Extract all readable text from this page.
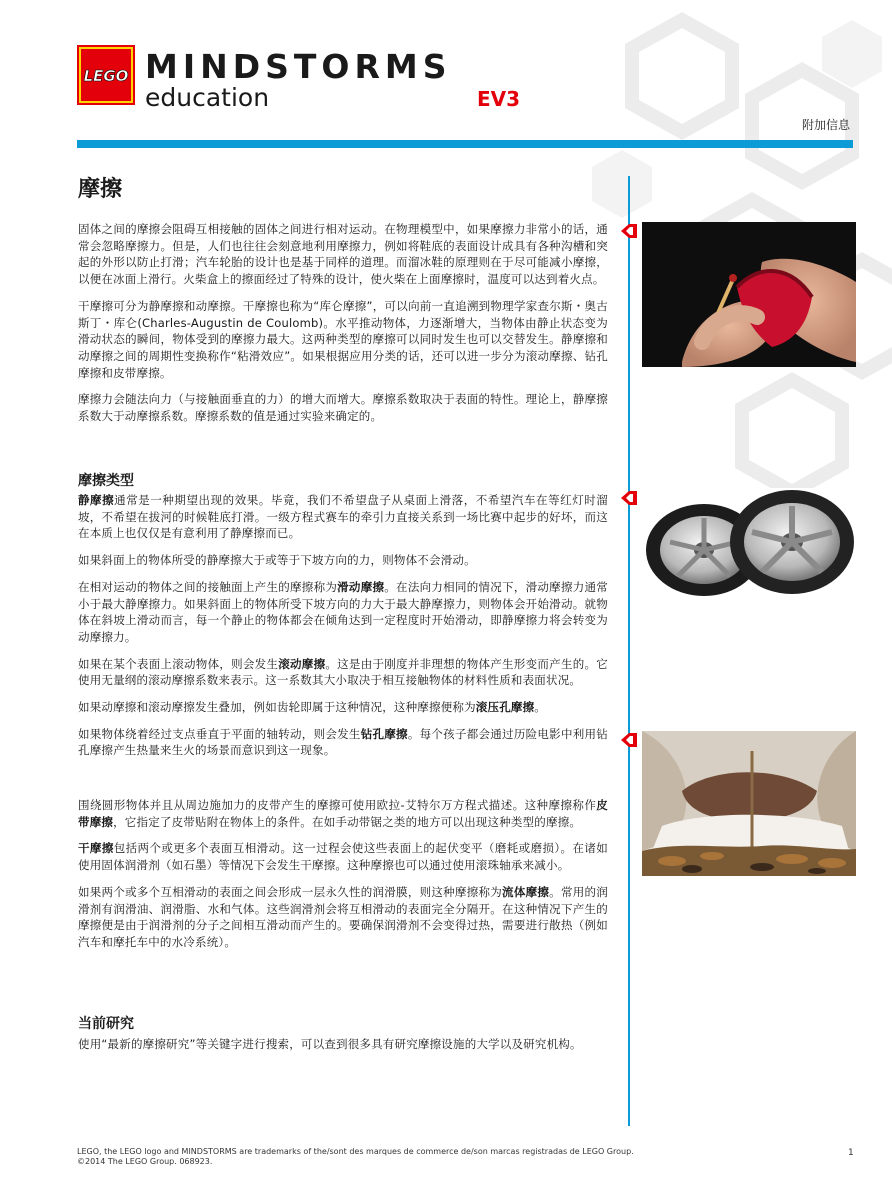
LEGO MINDSTORMS
education	EV3
附加信息
摩擦

固体之间的摩擦会阻碍互相接触的固体之间进行相对运动。在物理模型中，如果摩擦力非常小的话，通常会忽略摩擦力。但是，人们也往往会刻意地利用摩擦力，例如将鞋底的表面设计成具有各种沟槽和突起的外形以防止打滑；汽车轮胎的设计也是基于同样的道理。而溜冰鞋的原理则在于尽可能减小摩擦，以便在冰面上滑行。火柴盒上的擦面经过了特殊的设计，使火柴在上面摩擦时，温度可以达到着火点。

干摩擦可分为静摩擦和动摩擦。干摩擦也称为“库仑摩擦”，可以向前一直追溯到物理学家查尔斯・奥古斯丁・库仑(Charles-Augustin de Coulomb)。水平推动物体，力逐渐增大，当物体由静止状态变为滑动状态的瞬间，物体受到的摩擦力最大。这两种类型的摩擦可以同时发生也可以交替发生。静摩擦和动摩擦之间的周期性变换称作“粘滑效应”。如果根据应用分类的话，还可以进一步分为滚动摩擦、钻孔摩擦和皮带摩擦。

摩擦力会随法向力（与接触面垂直的力）的增大而增大。摩擦系数取决于表面的特性。理论上，静摩擦系数大于动摩擦系数。摩擦系数的值是通过实验来确定的。

摩擦类型

静摩擦通常是一种期望出现的效果。毕竟，我们不希望盘子从桌面上滑落，不希望汽车在等红灯时溜坡，不希望在拔河的时候鞋底打滑。一级方程式赛车的牵引力直接关系到一场比赛中起步的好坏，而这在本质上也仅仅是有意利用了静摩擦而已。

如果斜面上的物体所受的静摩擦大于或等于下坡方向的力，则物体不会滑动。

在相对运动的物体之间的接触面上产生的摩擦称为滑动摩擦。在法向力相同的情况下，滑动摩擦力通常小于最大静摩擦力。如果斜面上的物体所受下坡方向的力大于最大静摩擦力，则物体会开始滑动。就物体在斜坡上滑动而言，每一个静止的物体都会在倾角达到一定程度时开始滑动，即静摩擦力将会转变为动摩擦力。

如果在某个表面上滚动物体，则会发生滚动摩擦。这是由于刚度并非理想的物体产生形变而产生的。它使用无量纲的滚动摩擦系数来表示。这一系数其大小取决于相互接触物体的材料性质和表面状况。

如果动摩擦和滚动摩擦发生叠加，例如齿轮即属于这种情况，这种摩擦便称为滚压孔摩擦。

如果物体绕着经过支点垂直于平面的轴转动，则会发生钻孔摩擦。每个孩子都会通过历险电影中利用钻孔摩擦产生热量来生火的场景而意识到这一现象。

围绕圆形物体并且从周边施加力的皮带产生的摩擦可使用欧拉-艾特尔万方程式描述。这种摩擦称作皮带摩擦，它指定了皮带贴附在物体上的条件。在如手动带锯之类的地方可以出现这种类型的摩擦。

干摩擦包括两个或更多个表面互相滑动。这一过程会使这些表面上的起伏变平（磨耗或磨损）。在诸如使用固体润滑剂（如石墨）等情况下会发生干摩擦。这种摩擦也可以通过使用滚珠轴承来减小。

如果两个或多个互相滑动的表面之间会形成一层永久性的润滑膜，则这种摩擦称为流体摩擦。常用的润滑剂有润滑油、润滑脂、水和气体。这些润滑剂会将互相滑动的表面完全分隔开。在这种情况下产生的摩擦便是由于润滑剂的分子之间相互滑动而产生的。要确保润滑剂不会变得过热，需要进行散热（例如汽车和摩托车中的水冷系统）。

当前研究

使用“最新的摩擦研究”等关键字进行搜索，可以查到很多具有研究摩擦设施的大学以及研究机构。

LEGO, the LEGO logo and MINDSTORMS are trademarks of the/sont des marques de commerce de/son marcas registradas de LEGO Group. ©2014 The LEGO Group. 068923.
1
